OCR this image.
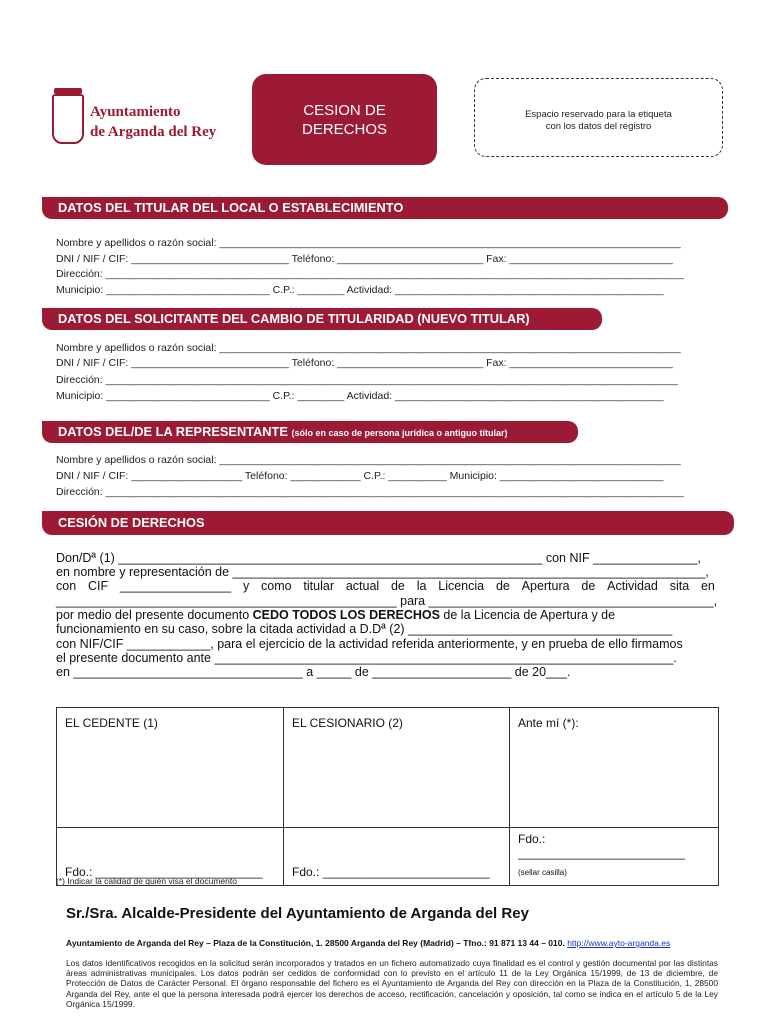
Ayuntamiento
de Arganda del Rey
CESION DE
DERECHOS
Espacio reservado para la etiqueta
con los datos del registro
DATOS DEL TITULAR DEL LOCAL O ESTABLECIMIENTO
Nombre y apellidos o razón social: _______________________________________________________________________________
DNI / NIF / CIF: ___________________________ Teléfono: _________________________ Fax: ____________________________
Dirección: ___________________________________________________________________________________________________
Municipio: ____________________________ C.P.: ________ Actividad: ______________________________________________
DATOS DEL SOLICITANTE DEL CAMBIO DE TITULARIDAD (NUEVO TITULAR)
Nombre y apellidos o razón social: _______________________________________________________________________________
DNI / NIF / CIF: ___________________________ Teléfono: _________________________ Fax: ____________________________
Dirección: __________________________________________________________________________________________________
Municipio: ____________________________ C.P.: ________ Actividad: ______________________________________________
DATOS DEL/DE LA REPRESENTANTE (sólo en caso de persona jurídica o antiguo titular)
Nombre y apellidos o razón social: _______________________________________________________________________________
DNI / NIF / CIF: ___________________ Teléfono: ____________ C.P.: __________ Municipio: ____________________________
Dirección: ___________________________________________________________________________________________________
CESIÓN DE DERECHOS
Don/Dª (1) _____________________________________________________________ con NIF _______________,
en nombre y representación de ____________________________________________________________________,
con CIF ________________ y como titular actual de la Licencia de Apertura de Actividad sita en
_________________________________________________ para _________________________________________,
por medio del presente documento CEDO TODOS LOS DERECHOS de la Licencia de Apertura y de
funcionamiento en su caso, sobre la citada actividad a D.Dª (2) ______________________________________
con NIF/CIF ____________, para el ejercicio de la actividad referida anteriormente, y en prueba de ello firmamos
el presente documento ante __________________________________________________________________.
en _________________________________ a _____ de ____________________ de 20___.
EL CEDENTE (1)	EL CESIONARIO (2)	Ante mí (*):
Fdo.: _________________________	Fdo.: _________________________	Fdo.: _________________________
(sellar casilla)
(*) Indicar la calidad de quién visa el documento
Sr./Sra. Alcalde-Presidente del Ayuntamiento de Arganda del Rey
Ayuntamiento de Arganda del Rey – Plaza de la Constitución, 1. 28500 Arganda del Rey (Madrid) – Tfno.: 91 871 13 44 – 010. http://www.ayto-arganda.es
Los datos identificativos recogidos en la solicitud serán incorporados y tratados en un fichero automatizado cuya finalidad es el control y gestión documental por las distintas áreas administrativas municipales. Los datos podrán ser cedidos de conformidad con lo previsto en el artículo 11 de la Ley Orgánica 15/1999, de 13 de diciembre, de Protección de Datos de Carácter Personal. El órgano responsable del fichero es el Ayuntamiento de Arganda del Rey con dirección en la Plaza de la Constitución, 1, 28500 Arganda del Rey, ante el que la persona interesada podrá ejercer los derechos de acceso, rectificación, cancelación y oposición, tal como se indica en el artículo 5 de la Ley Orgánica 15/1999.
